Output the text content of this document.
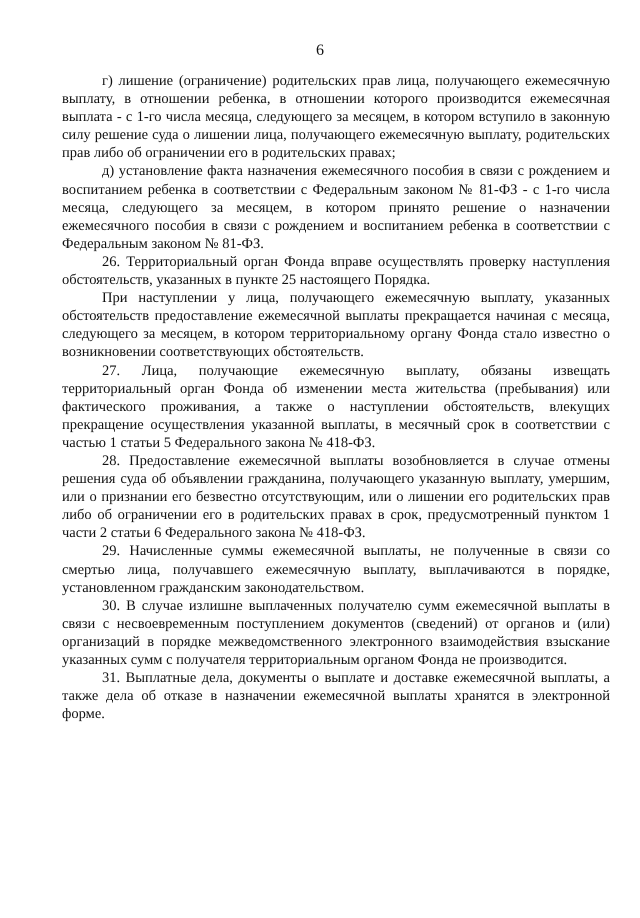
6

г) лишение (ограничение) родительских прав лица, получающего ежемесячную выплату, в отношении ребенка, в отношении которого производится ежемесячная выплата - с 1-го числа месяца, следующего за месяцем, в котором вступило в законную силу решение суда о лишении лица, получающего ежемесячную выплату, родительских прав либо об ограничении его в родительских правах;

д) установление факта назначения ежемесячного пособия в связи с рождением и воспитанием ребенка в соответствии с Федеральным законом № 81-ФЗ - с 1-го числа месяца, следующего за месяцем, в котором принято решение о назначении ежемесячного пособия в связи с рождением и воспитанием ребенка в соответствии с Федеральным законом № 81-ФЗ.

26. Территориальный орган Фонда вправе осуществлять проверку наступления обстоятельств, указанных в пункте 25 настоящего Порядка.

При наступлении у лица, получающего ежемесячную выплату, указанных обстоятельств предоставление ежемесячной выплаты прекращается начиная с месяца, следующего за месяцем, в котором территориальному органу Фонда стало известно о возникновении соответствующих обстоятельств.

27. Лица, получающие ежемесячную выплату, обязаны извещать территориальный орган Фонда об изменении места жительства (пребывания) или фактического проживания, а также о наступлении обстоятельств, влекущих прекращение осуществления указанной выплаты, в месячный срок в соответствии с частью 1 статьи 5 Федерального закона № 418-ФЗ.

28. Предоставление ежемесячной выплаты возобновляется в случае отмены решения суда об объявлении гражданина, получающего указанную выплату, умершим, или о признании его безвестно отсутствующим, или о лишении его родительских прав либо об ограничении его в родительских правах в срок, предусмотренный пунктом 1 части 2 статьи 6 Федерального закона № 418-ФЗ.

29. Начисленные суммы ежемесячной выплаты, не полученные в связи со смертью лица, получавшего ежемесячную выплату, выплачиваются в порядке, установленном гражданским законодательством.

30. В случае излишне выплаченных получателю сумм ежемесячной выплаты в связи с несвоевременным поступлением документов (сведений) от органов и (или) организаций в порядке межведомственного электронного взаимодействия взыскание указанных сумм с получателя территориальным органом Фонда не производится.

31. Выплатные дела, документы о выплате и доставке ежемесячной выплаты, а также дела об отказе в назначении ежемесячной выплаты хранятся в электронной форме.
